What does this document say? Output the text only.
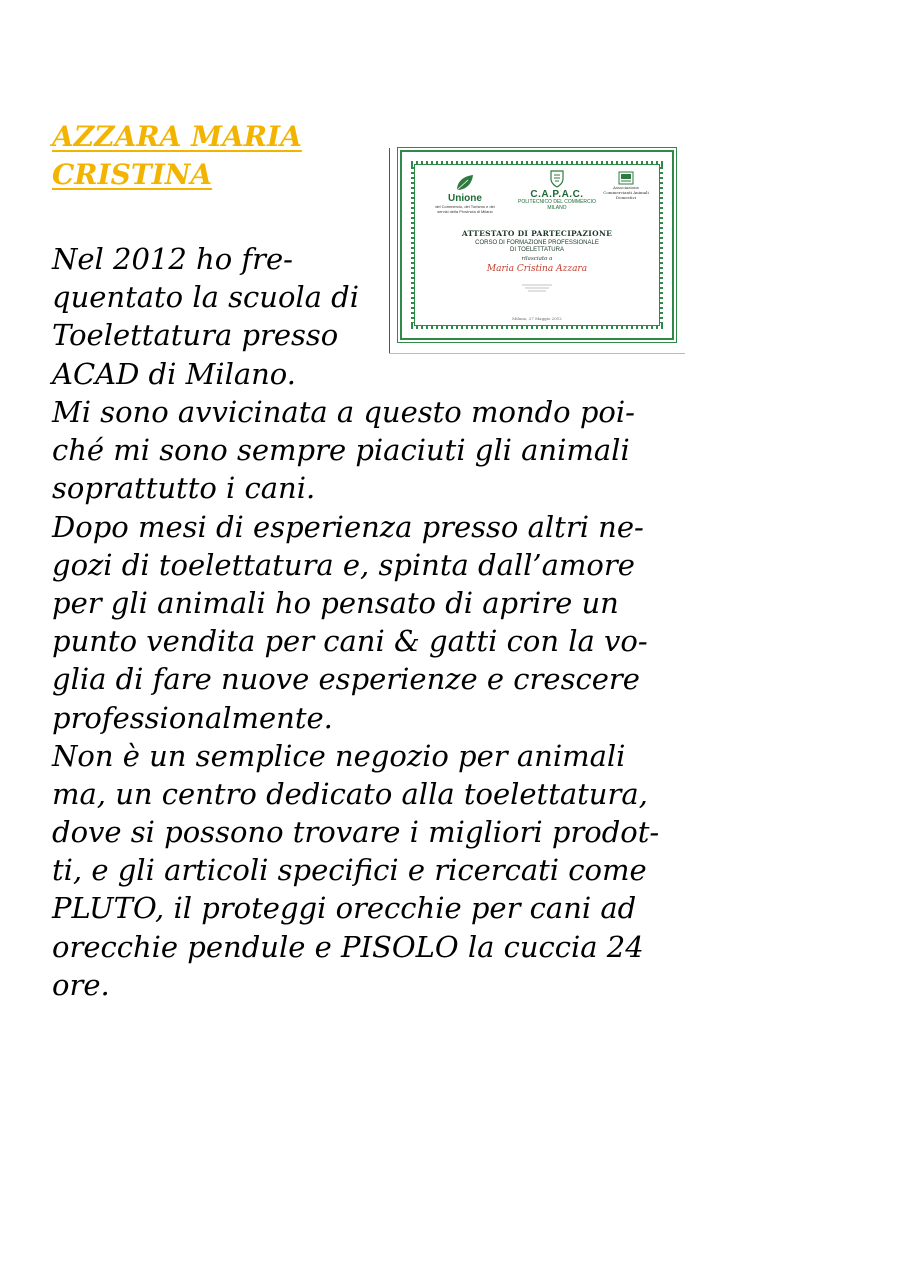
AZZARA MARIA
CRISTINA
Nel 2012 ho fre-
quentato la scuola di
Toelettatura presso
ACAD di Milano.
Mi sono avvicinata a questo mondo poi-
ché mi sono sempre piaciuti gli animali
soprattutto i cani.
Dopo mesi di esperienza presso altri ne-
gozi di toelettatura e, spinta dall’amore
per gli animali ho pensato di aprire un
punto vendita per cani & gatti con la vo-
glia di fare nuove esperienze e crescere
professionalmente.
Non è un semplice negozio per animali
ma, un centro dedicato alla toelettatura,
dove si possono trovare i migliori prodot-
ti, e gli articoli specifici e ricercati come
PLUTO, il proteggi orecchie per cani ad
orecchie pendule e PISOLO la cuccia 24
ore.
Unione
del Commercio, del Turismo e dei servizi della Provincia di Milano
C.A.P.A.C.
POLITECNICO DEL COMMERCIO
MILANO
Associazione Commercianti Animali Domestici
ATTESTATO DI PARTECIPAZIONE
CORSO DI FORMAZIONE PROFESSIONALE
DI TOELETTATURA
rilasciato a
Maria Cristina Azzara
Milano, 27 Maggio 2012
